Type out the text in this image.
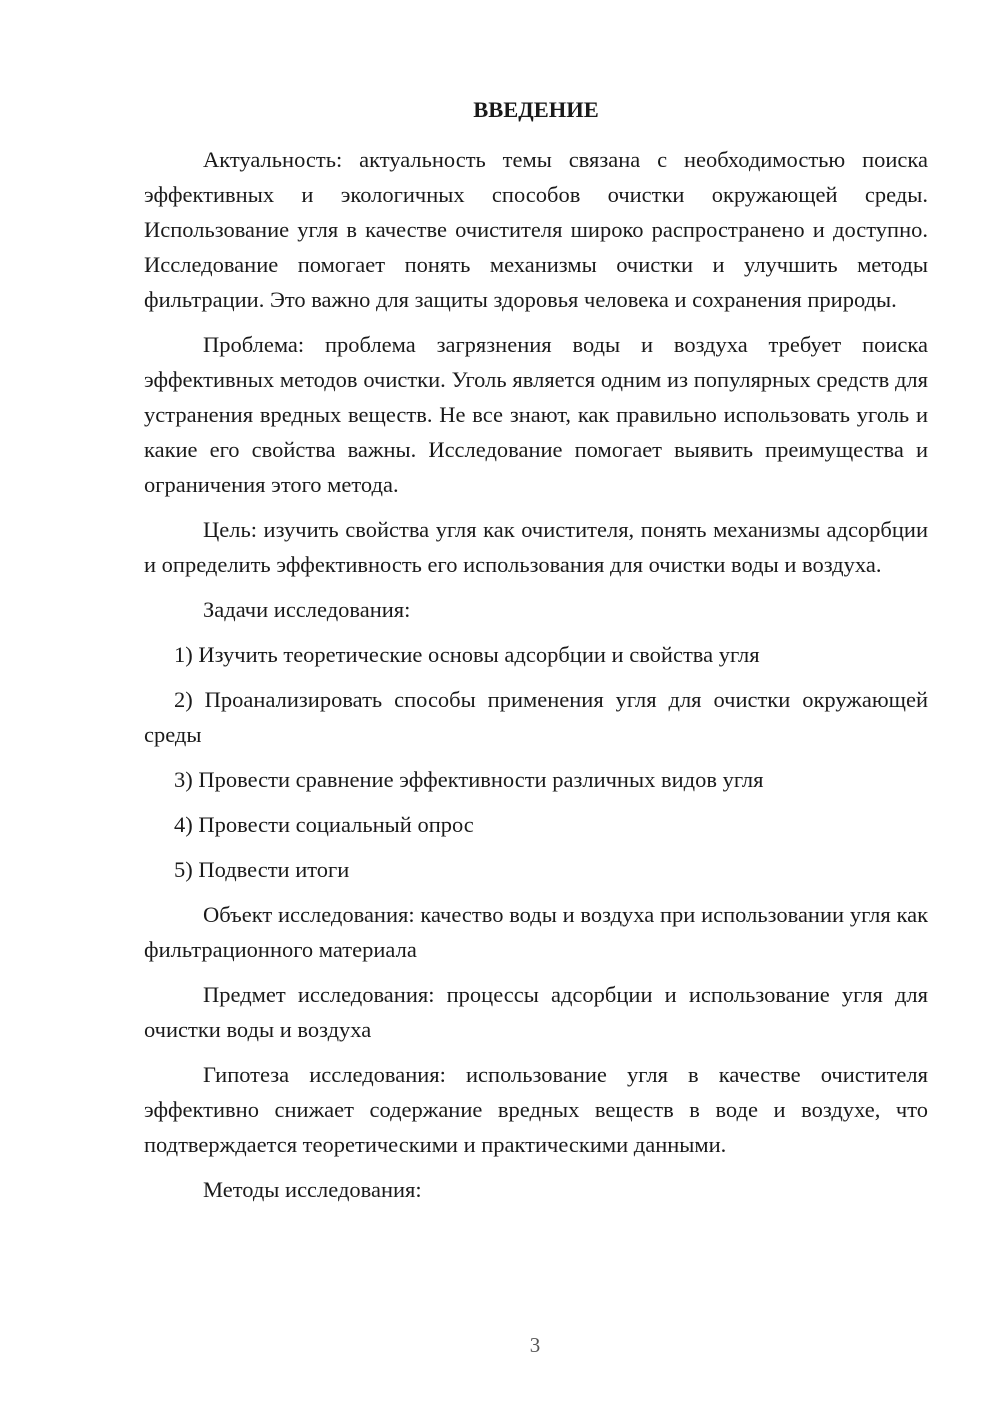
ВВЕДЕНИЕ

Актуальность: актуальность темы связана с необходимостью поиска эффективных и экологичных способов очистки окружающей среды. Использование угля в качестве очистителя широко распространено и доступно. Исследование помогает понять механизмы очистки и улучшить методы фильтрации. Это важно для защиты здоровья человека и сохранения природы.

Проблема: проблема загрязнения воды и воздуха требует поиска эффективных методов очистки. Уголь является одним из популярных средств для устранения вредных веществ. Не все знают, как правильно использовать уголь и какие его свойства важны. Исследование помогает выявить преимущества и ограничения этого метода.

Цель: изучить свойства угля как очистителя, понять механизмы адсорбции и определить эффективность его использования для очистки воды и воздуха.

Задачи исследования:

1) Изучить теоретические основы адсорбции и свойства угля

2) Проанализировать способы применения угля для очистки окружающей среды

3) Провести сравнение эффективности различных видов угля

4) Провести социальный опрос

5) Подвести итоги

Объект исследования: качество воды и воздуха при использовании угля как фильтрационного материала

Предмет исследования: процессы адсорбции и использование угля для очистки воды и воздуха

Гипотеза исследования: использование угля в качестве очистителя эффективно снижает содержание вредных веществ в воде и воздухе, что подтверждается теоретическими и практическими данными.

Методы исследования:

3
